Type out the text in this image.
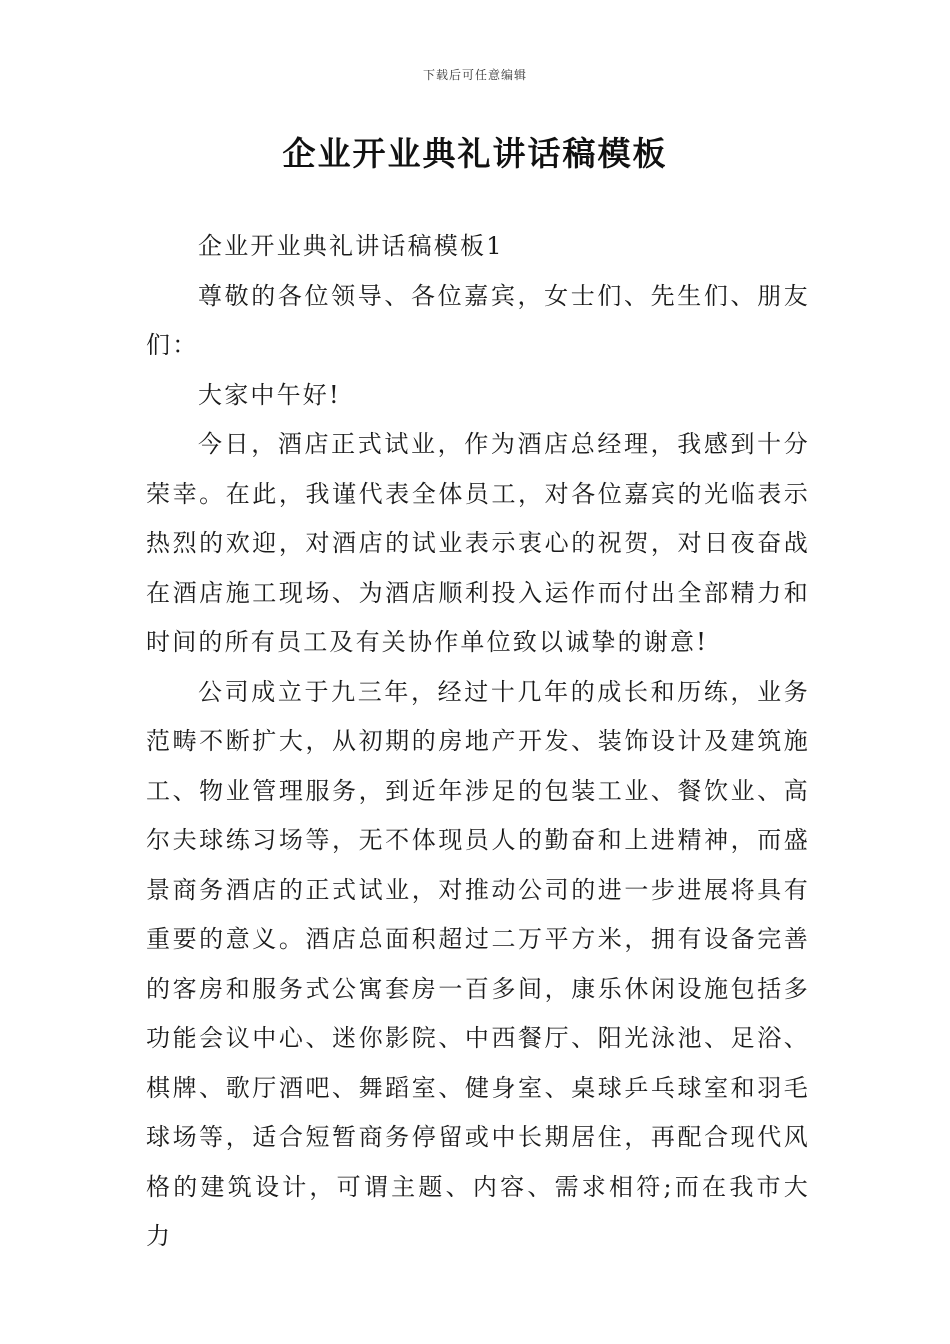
下载后可任意编辑
企业开业典礼讲话稿模板

企业开业典礼讲话稿模板1

尊敬的各位领导、各位嘉宾，女士们、先生们、朋友们：

大家中午好!

今日，酒店正式试业，作为酒店总经理，我感到十分荣幸。在此，我谨代表全体员工，对各位嘉宾的光临表示热烈的欢迎，对酒店的试业表示衷心的祝贺，对日夜奋战在酒店施工现场、为酒店顺利投入运作而付出全部精力和时间的所有员工及有关协作单位致以诚挚的谢意!

公司成立于九三年，经过十几年的成长和历练，业务范畴不断扩大，从初期的房地产开发、装饰设计及建筑施工、物业管理服务，到近年涉足的包装工业、餐饮业、高尔夫球练习场等，无不体现员人的勤奋和上进精神，而盛景商务酒店的正式试业，对推动公司的进一步进展将具有重要的意义。酒店总面积超过二万平方米，拥有设备完善的客房和服务式公寓套房一百多间，康乐休闲设施包括多功能会议中心、迷你影院、中西餐厅、阳光泳池、足浴、棋牌、歌厅酒吧、舞蹈室、健身室、桌球乒乓球室和羽毛球场等，适合短暂商务停留或中长期居住，再配合现代风格的建筑设计，可谓主题、内容、需求相符;而在我市大力
